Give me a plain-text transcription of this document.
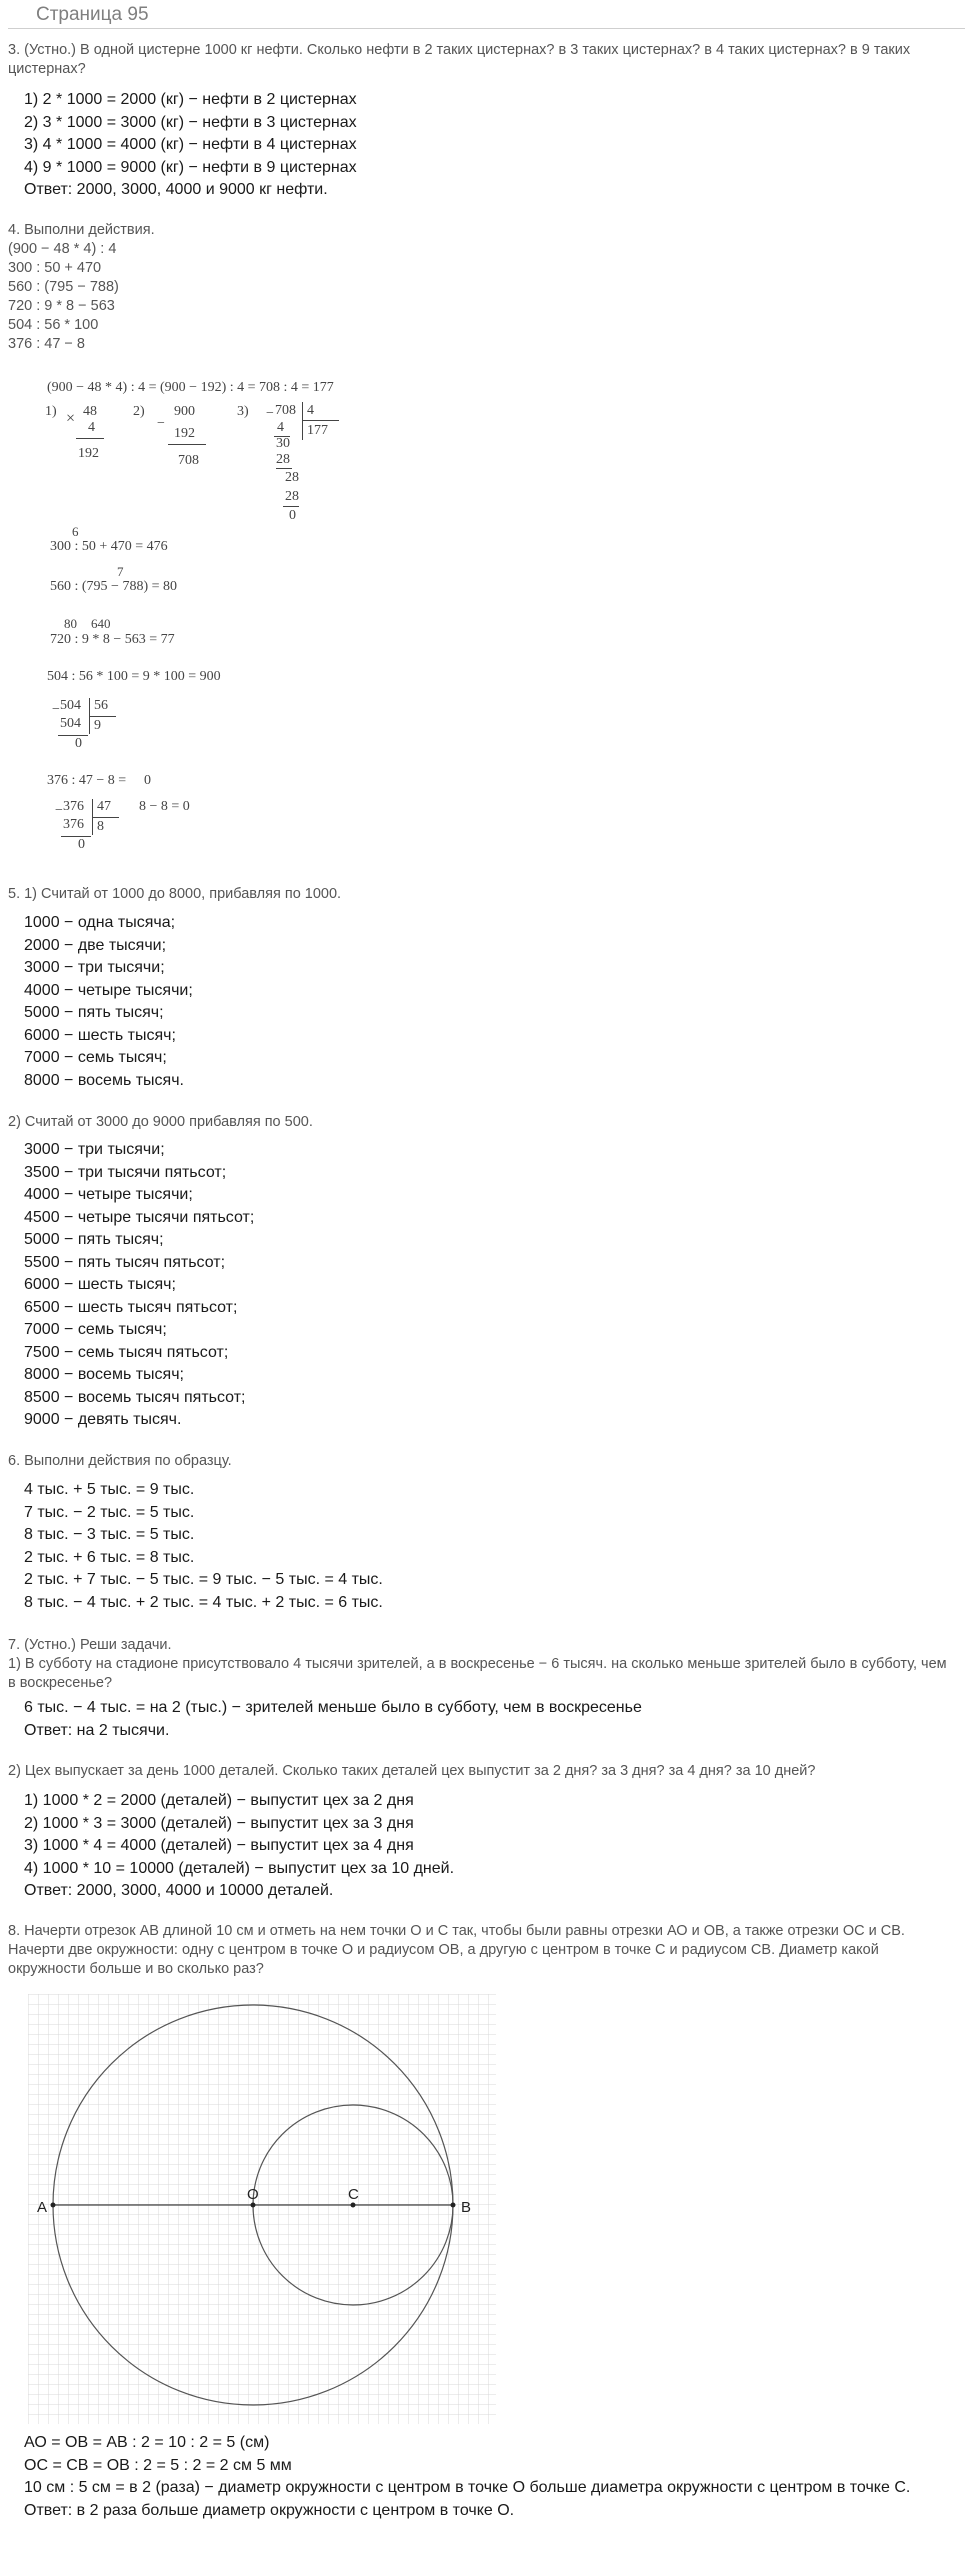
Страница 95
3. (Устно.) В одной цистерне 1000 кг нефти. Сколько нефти в 2 таких цистернах? в 3 таких цистернах? в 4 таких цистернах? в 9 таких цистернах?
1) 2 * 1000 = 2000 (кг) − нефти в 2 цистернах
2) 3 * 1000 = 3000 (кг) − нефти в 3 цистернах
3) 4 * 1000 = 4000 (кг) − нефти в 4 цистернах
4) 9 * 1000 = 9000 (кг) − нефти в 9 цистернах
Ответ: 2000, 3000, 4000 и 9000 кг нефти.
4. Выполни действия.
(900 − 48 * 4) : 4
300 : 50 + 470
560 : (795 − 788)
720 : 9 * 8 − 563
504 : 56 * 100
376 : 47 − 8
(900 − 48 * 4) : 4 = (900 − 192) : 4 = 708 : 4 = 177
1) × 48
4
192
2)
−
900
192
708
3) − 708 4
177
4
30
28
28
28
0
6
300 : 50 + 470 = 476
7
560 : (795 − 788) = 80
80 640
720 : 9 * 8 − 563 = 77
504 : 56 * 100 = 9 * 100 = 900
− 504 56
9
504
0
376 : 47 − 8 = 0
− 376 47
8
376
0
8 − 8 = 0
5. 1) Считай от 1000 до 8000, прибавляя по 1000.
1000 − одна тысяча;
2000 − две тысячи;
3000 − три тысячи;
4000 − четыре тысячи;
5000 − пять тысяч;
6000 − шесть тысяч;
7000 − семь тысяч;
8000 − восемь тысяч.
2) Считай от 3000 до 9000 прибавляя по 500.
3000 − три тысячи;
3500 − три тысячи пятьсот;
4000 − четыре тысячи;
4500 − четыре тысячи пятьсот;
5000 − пять тысяч;
5500 − пять тысяч пятьсот;
6000 − шесть тысяч;
6500 − шесть тысяч пятьсот;
7000 − семь тысяч;
7500 − семь тысяч пятьсот;
8000 − восемь тысяч;
8500 − восемь тысяч пятьсот;
9000 − девять тысяч.
6. Выполни действия по образцу.
4 тыс. + 5 тыс. = 9 тыс.
7 тыс. − 2 тыс. = 5 тыс.
8 тыс. − 3 тыс. = 5 тыс.
2 тыс. + 6 тыс. = 8 тыс.
2 тыс. + 7 тыс. − 5 тыс. = 9 тыс. − 5 тыс. = 4 тыс.
8 тыс. − 4 тыс. + 2 тыс. = 4 тыс. + 2 тыс. = 6 тыс.
7. (Устно.) Реши задачи.
1) В субботу на стадионе присутствовало 4 тысячи зрителей, а в воскресенье − 6 тысяч. на сколько меньше зрителей было в субботу, чем в воскресенье?
6 тыс. − 4 тыс. = на 2 (тыс.) − зрителей меньше было в субботу, чем в воскресенье
Ответ: на 2 тысячи.
2) Цех выпускает за день 1000 деталей. Сколько таких деталей цех выпустит за 2 дня? за 3 дня? за 4 дня? за 10 дней?
1) 1000 * 2 = 2000 (деталей) − выпустит цех за 2 дня
2) 1000 * 3 = 3000 (деталей) − выпустит цех за 3 дня
3) 1000 * 4 = 4000 (деталей) − выпустит цех за 4 дня
4) 1000 * 10 = 10000 (деталей) − выпустит цех за 10 дней.
Ответ: 2000, 3000, 4000 и 10000 деталей.
8. Начерти отрезок АВ длиной 10 см и отметь на нем точки О и С так, чтобы были равны отрезки АО и ОВ, а также отрезки ОС и СВ. Начерти две окружности: одну с центром в точке О и радиусом ОВ, а другую с центром в точке С и радиусом СВ. Диаметр какой окружности больше и во сколько раз?
A
O	C
B
АО = ОВ = АВ : 2 = 10 : 2 = 5 (см)
ОС = СВ = ОВ : 2 = 5 : 2 = 2 см 5 мм
10 см : 5 см = в 2 (раза) − диаметр окружности с центром в точке О больше диаметра окружности с центром в точке С.
Ответ: в 2 раза больше диаметр окружности с центром в точке О.
